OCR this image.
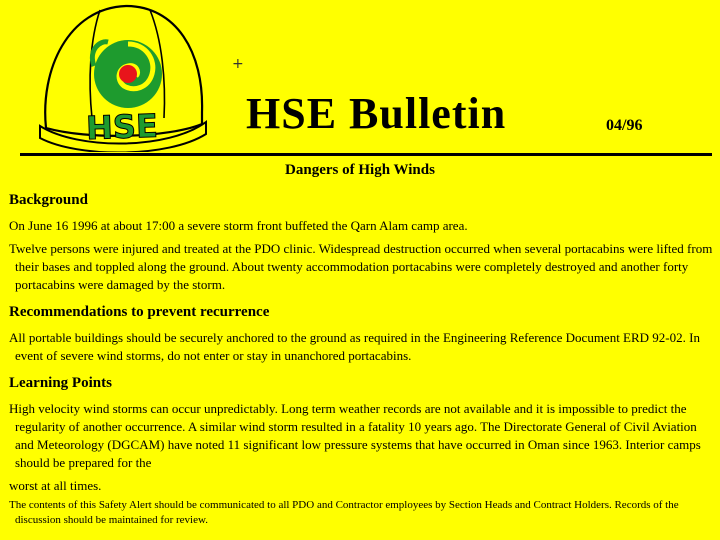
HSE
+
HSE Bulletin	04/96
Dangers of High Winds
Background

On June 16 1996 at about 17:00 a severe storm front buffeted the Qarn Alam camp area.

Twelve persons were injured and treated at the PDO clinic. Widespread destruction occurred when several portacabins were lifted from their bases and toppled along the ground. About twenty accommodation portacabins were completely destroyed and another forty portacabins were damaged by the storm.

Recommendations to prevent recurrence

All portable buildings should be securely anchored to the ground as required in the Engineering Reference Document ERD 92-02. In event of severe wind storms, do not enter or stay in unanchored portacabins.

Learning Points

High velocity wind storms can occur unpredictably. Long term weather records are not available and it is impossible to predict the regularity of another occurrence. A similar wind storm resulted in a fatality 10 years ago. The Directorate General of Civil Aviation and Meteorology (DGCAM) have noted 11 significant low pressure systems that have occurred in Oman since 1963. Interior camps should be prepared for the

worst at all times.

The contents of this Safety Alert should be communicated to all PDO and Contractor employees by Section Heads and Contract Holders. Records of the discussion should be maintained for review.
